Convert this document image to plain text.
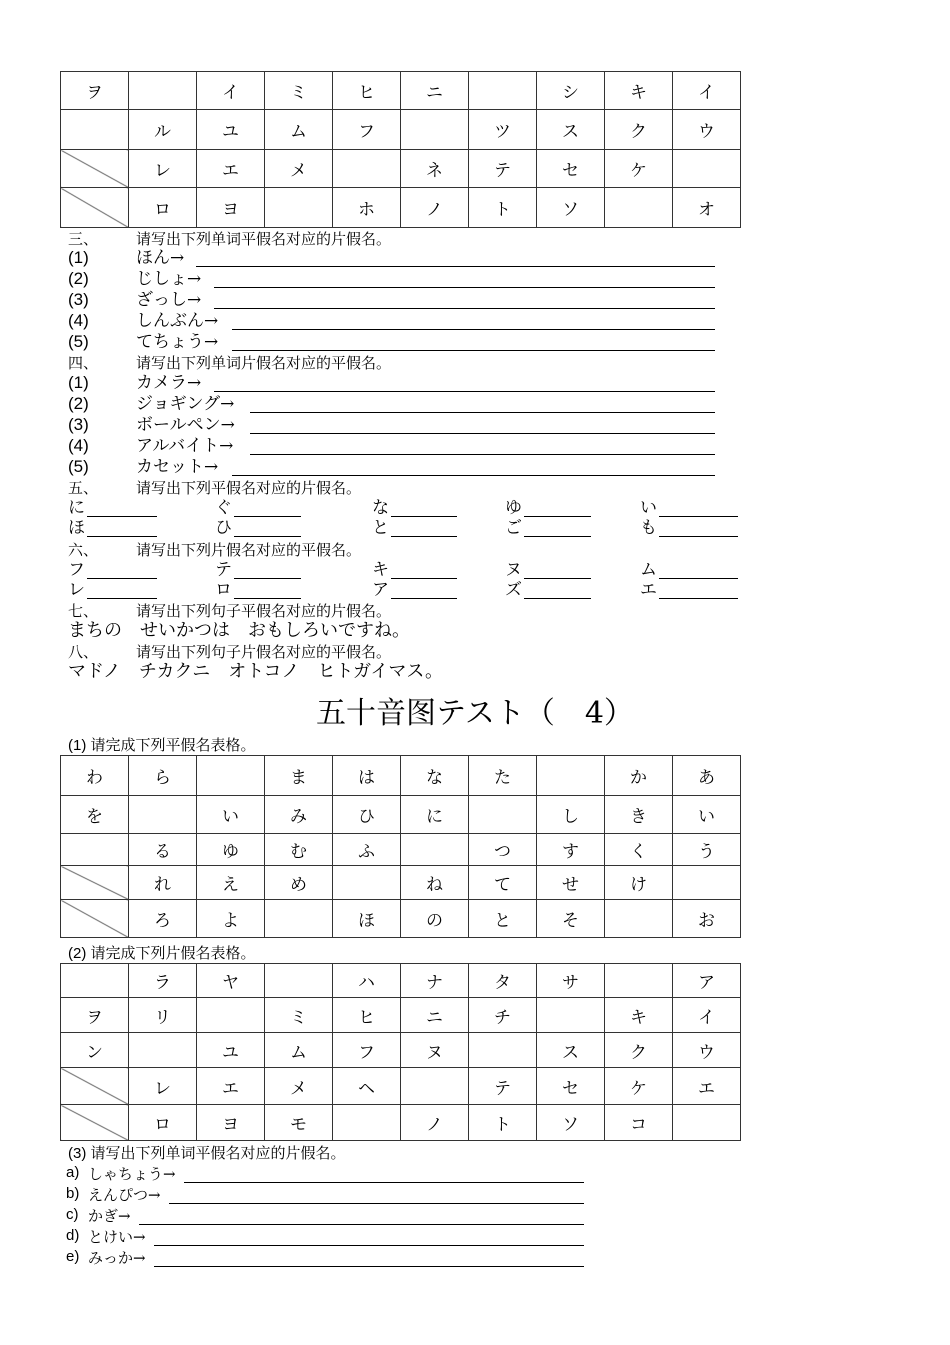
ヲ		イ	ミ	ヒ	ニ		シ	キ	イ
	ル	ユ	ム	フ		ツ	ス	ク	ウ
	レ	エ	メ		ネ	テ	セ	ケ	
	ロ	ヨ		ホ	ノ	ト	ソ		オ
三、	请写出下列单词平假名对应的片假名。
(1)	ほん→
(2)	じしょ→
(3)	ざっし→
(4)	しんぶん→
(5)	てちょう→
四、	请写出下列单词片假名对应的平假名。
(1)	カメラ→
(2)	ジョギング→
(3)	ボールペン→
(4)	アルバイト→
(5)	カセット→
五、	请写出下列平假名对应的片假名。
に	ぐ	な	ゆ	い
ほ	ひ	と	ご	も
六、	请写出下列片假名对应的平假名。
フ	テ	キ	ヌ	ム
レ	ロ	ア	ズ	エ
七、	请写出下列句子平假名对应的片假名。
まちの　せいかつは　おもしろいですね。
八、	请写出下列句子片假名对应的平假名。
マドノ　チカクニ　オトコノ　ヒトガイマス。
五十音图テスト（　4）
(1) 请完成下列平假名表格。
わ	ら		ま	は	な	た		か	あ
を		い	み	ひ	に		し	き	い
	る	ゆ	む	ふ		つ	す	く	う
	れ	え	め		ね	て	せ	け	
	ろ	よ		ほ	の	と	そ		お
(2) 请完成下列片假名表格。
	ラ	ヤ		ハ	ナ	タ	サ		ア
ヲ	リ		ミ	ヒ	ニ	チ		キ	イ
ン		ユ	ム	フ	ヌ		ス	ク	ウ
	レ	エ	メ	ヘ		テ	セ	ケ	エ
	ロ	ヨ	モ		ノ	ト	ソ	コ	
(3) 请写出下列单词平假名对应的片假名。
a) しゃちょう→
b) えんぴつ→
c) かぎ→
d) とけい→
e) みっか→
